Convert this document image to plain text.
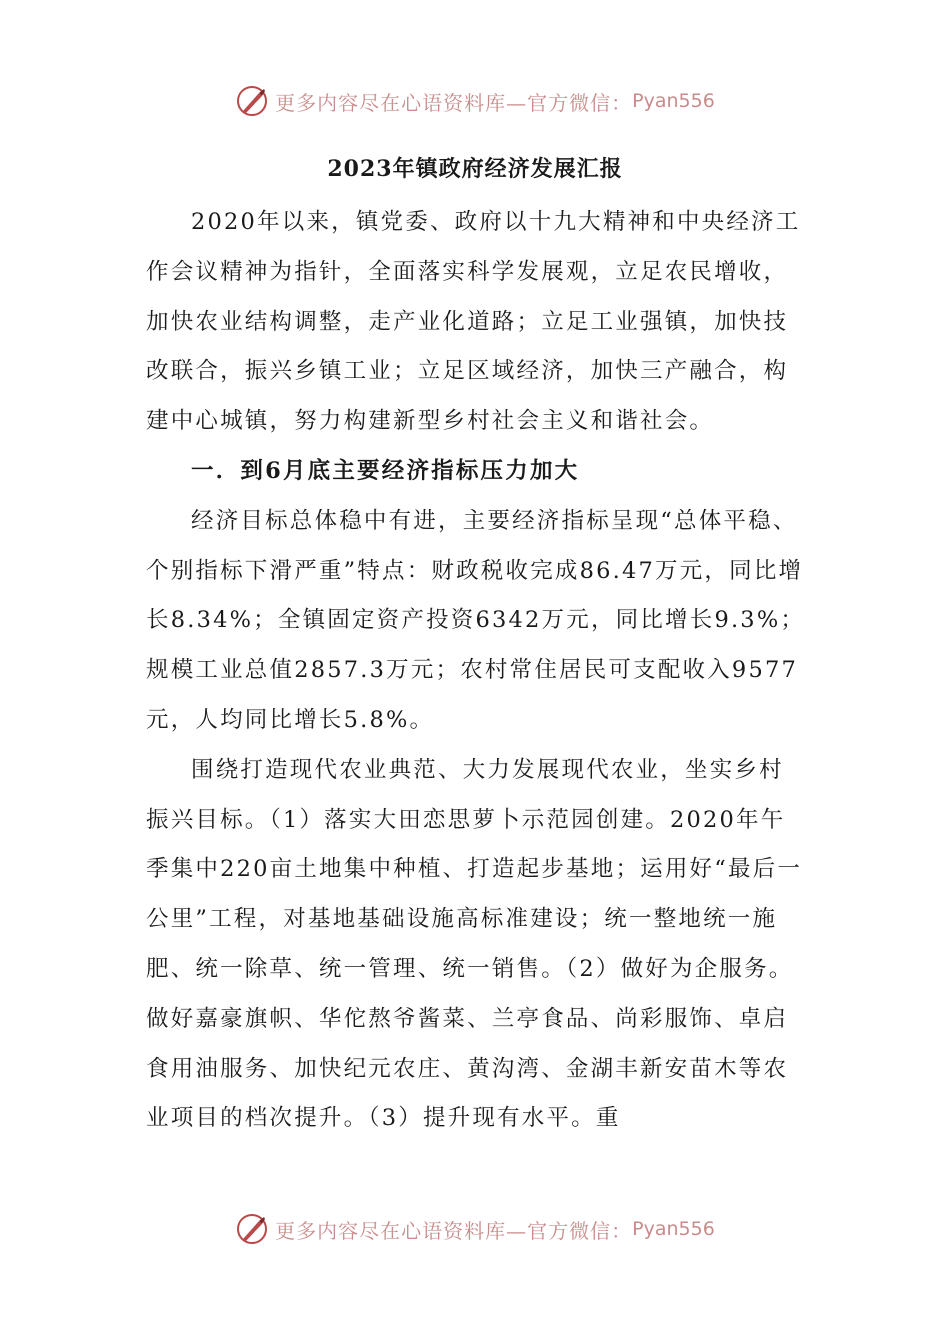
更多内容尽在心语资料库—官方微信： Pyan556
2023年镇政府经济发展汇报

2020年以来，镇党委、政府以十九大精神和中央经济工作会议精神为指针，全面落实科学发展观，立足农民增收，加快农业结构调整，走产业化道路；立足工业强镇，加快技改联合，振兴乡镇工业；立足区域经济，加快三产融合，构建中心城镇，努力构建新型乡村社会主义和谐社会。

一．到6月底主要经济指标压力加大

经济目标总体稳中有进，主要经济指标呈现“总体平稳、个别指标下滑严重”特点：财政税收完成86.47万元，同比增长8.34%；全镇固定资产投资6342万元，同比增长9.3%；规模工业总值2857.3万元；农村常住居民可支配收入9577元，人均同比增长5.8%。

围绕打造现代农业典范、大力发展现代农业，坐实乡村振兴目标。（1）落实大田恋思萝卜示范园创建。2020年午季集中220亩土地集中种植、打造起步基地；运用好“最后一公里”工程，对基地基础设施高标准建设；统一整地统一施肥、统一除草、统一管理、统一销售。（2）做好为企服务。做好嘉豪旗帜、华佗熬爷酱菜、兰亭食品、尚彩服饰、卓启食用油服务、加快纪元农庄、黄沟湾、金湖丰新安苗木等农业项目的档次提升。（3）提升现有水平。重

更多内容尽在心语资料库—官方微信： Pyan556
